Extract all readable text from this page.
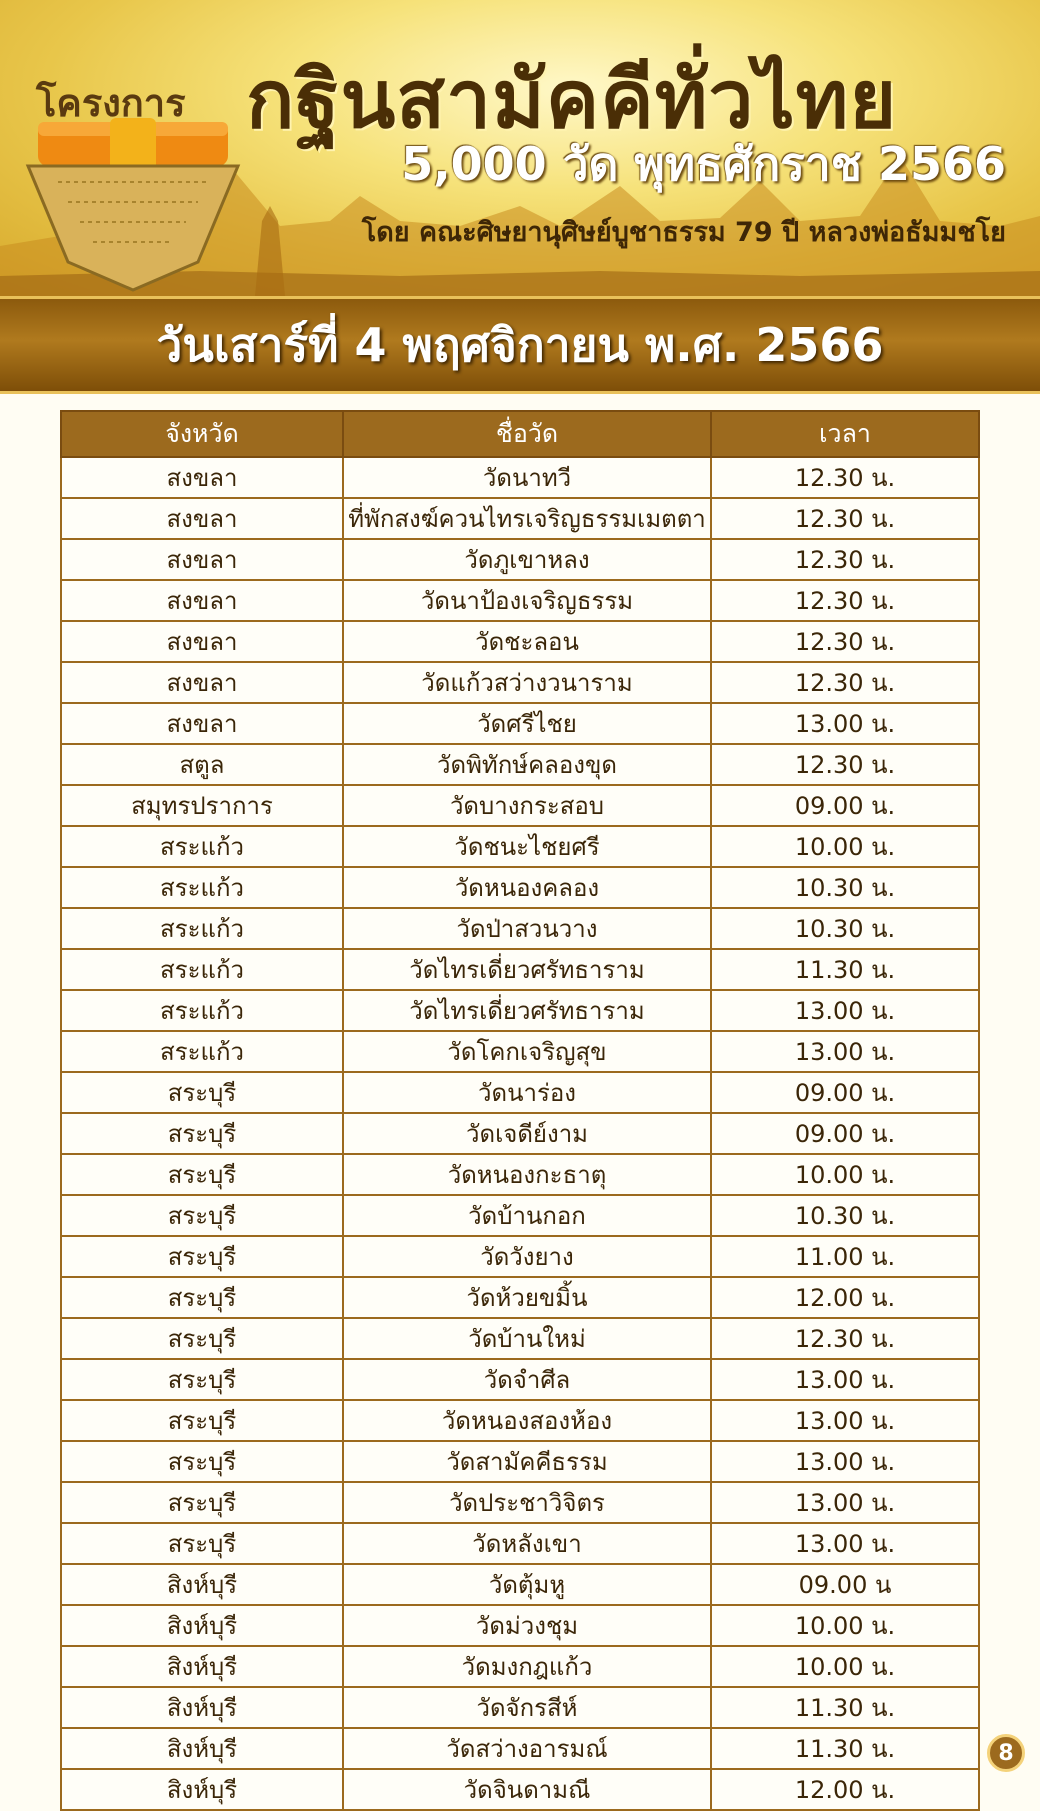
โครงการ กฐินสามัคคีทั่วไทย
5,000 วัด พุทธศักราช 2566
โดย คณะศิษยานุศิษย์บูชาธรรม 79 ปี หลวงพ่อธัมมชโย
วันเสาร์ที่ 4 พฤศจิกายน พ.ศ. 2566
จังหวัด	ชื่อวัด	เวลา
สงขลา	วัดนาทวี	12.30 น.
สงขลา	ที่พักสงฆ์ควนไทรเจริญธรรมเมตตา	12.30 น.
สงขลา	วัดภูเขาหลง	12.30 น.
สงขลา	วัดนาป้องเจริญธรรม	12.30 น.
สงขลา	วัดชะลอน	12.30 น.
สงขลา	วัดแก้วสว่างวนาราม	12.30 น.
สงขลา	วัดศรีไชย	13.00 น.
สตูล	วัดพิทักษ์คลองขุด	12.30 น.
สมุทรปราการ	วัดบางกระสอบ	09.00 น.
สระแก้ว	วัดชนะไชยศรี	10.00 น.
สระแก้ว	วัดหนองคลอง	10.30 น.
สระแก้ว	วัดป่าสวนวาง	10.30 น.
สระแก้ว	วัดไทรเดี่ยวศรัทธาราม	11.30 น.
สระแก้ว	วัดไทรเดี่ยวศรัทธาราม	13.00 น.
สระแก้ว	วัดโคกเจริญสุข	13.00 น.
สระบุรี	วัดนาร่อง	09.00 น.
สระบุรี	วัดเจดีย์งาม	09.00 น.
สระบุรี	วัดหนองกะธาตุ	10.00 น.
สระบุรี	วัดบ้านกอก	10.30 น.
สระบุรี	วัดวังยาง	11.00 น.
สระบุรี	วัดห้วยขมิ้น	12.00 น.
สระบุรี	วัดบ้านใหม่	12.30 น.
สระบุรี	วัดจำศีล	13.00 น.
สระบุรี	วัดหนองสองห้อง	13.00 น.
สระบุรี	วัดสามัคคีธรรม	13.00 น.
สระบุรี	วัดประชาวิจิตร	13.00 น.
สระบุรี	วัดหลังเขา	13.00 น.
สิงห์บุรี	วัดตุ้มหู	09.00 น
สิงห์บุรี	วัดม่วงชุม	10.00 น.
สิงห์บุรี	วัดมงกฎแก้ว	10.00 น.
สิงห์บุรี	วัดจักรสีห์	11.30 น.
สิงห์บุรี	วัดสว่างอารมณ์	11.30 น.
สิงห์บุรี	วัดจินดามณี	12.00 น.
8
